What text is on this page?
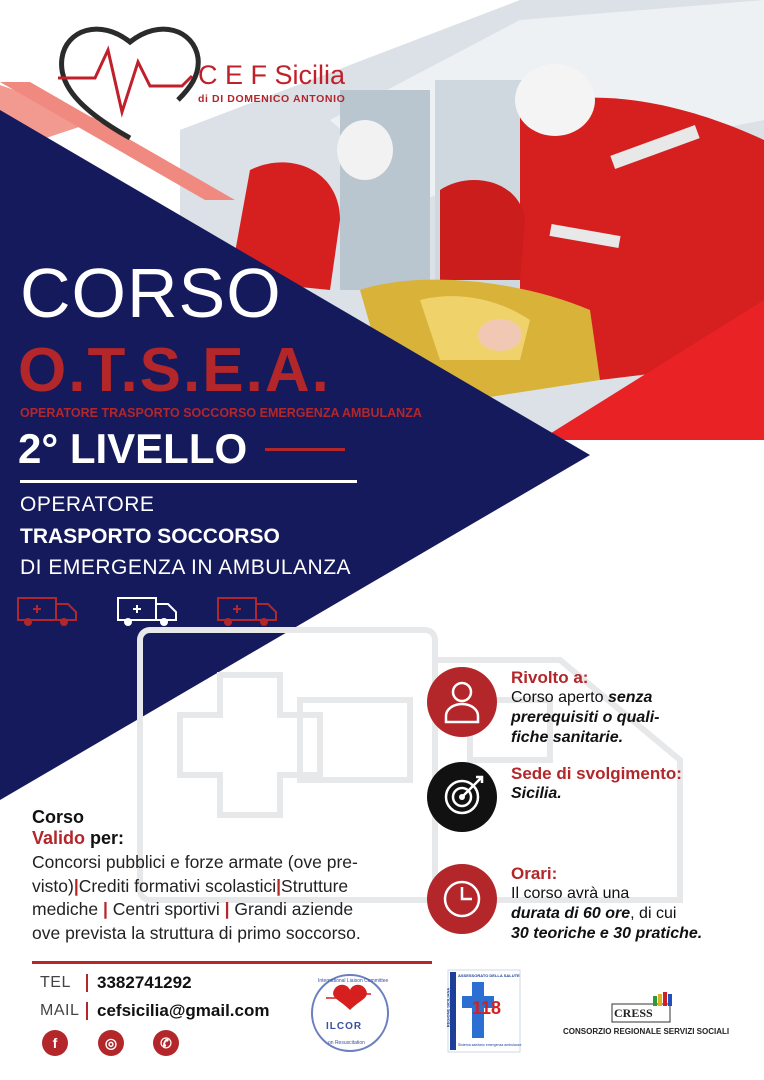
C E F Sicilia
di DI DOMENICO ANTONIO
CORSO
O.T.S.E.A.
OPERATORE TRASPORTO SOCCORSO EMERGENZA AMBULANZA
2° LIVELLO
OPERATORE
TRASPORTO SOCCORSO
DI EMERGENZA IN AMBULANZA
Rivolto a:
Corso aperto senza
prerequisiti o quali-
fiche sanitarie.
Sede di svolgimento:
Sicilia.
Orari:
Il corso avrà una
durata di 60 ore, di cui
30 teoriche e 30 pratiche.
Corso
Valido per:
Concorsi pubblici e forze armate (ove pre-
visto)|Crediti formativi scolastici|Strutture
mediche | Centri sportivi | Grandi aziende
ove prevista la struttura di primo soccorso.
TEL 3382741292
MAIL cefsicilia@gmail.com
f	◎	✆
ILCOR
International Liaison Committee
on Resuscitation
ASSESSORATO DELLA SALUTE
118
REGIONE SICILIANA
Sistema sanitario emergenza ambulanze
CRESS
CONSORZIO REGIONALE SERVIZI SOCIALI
